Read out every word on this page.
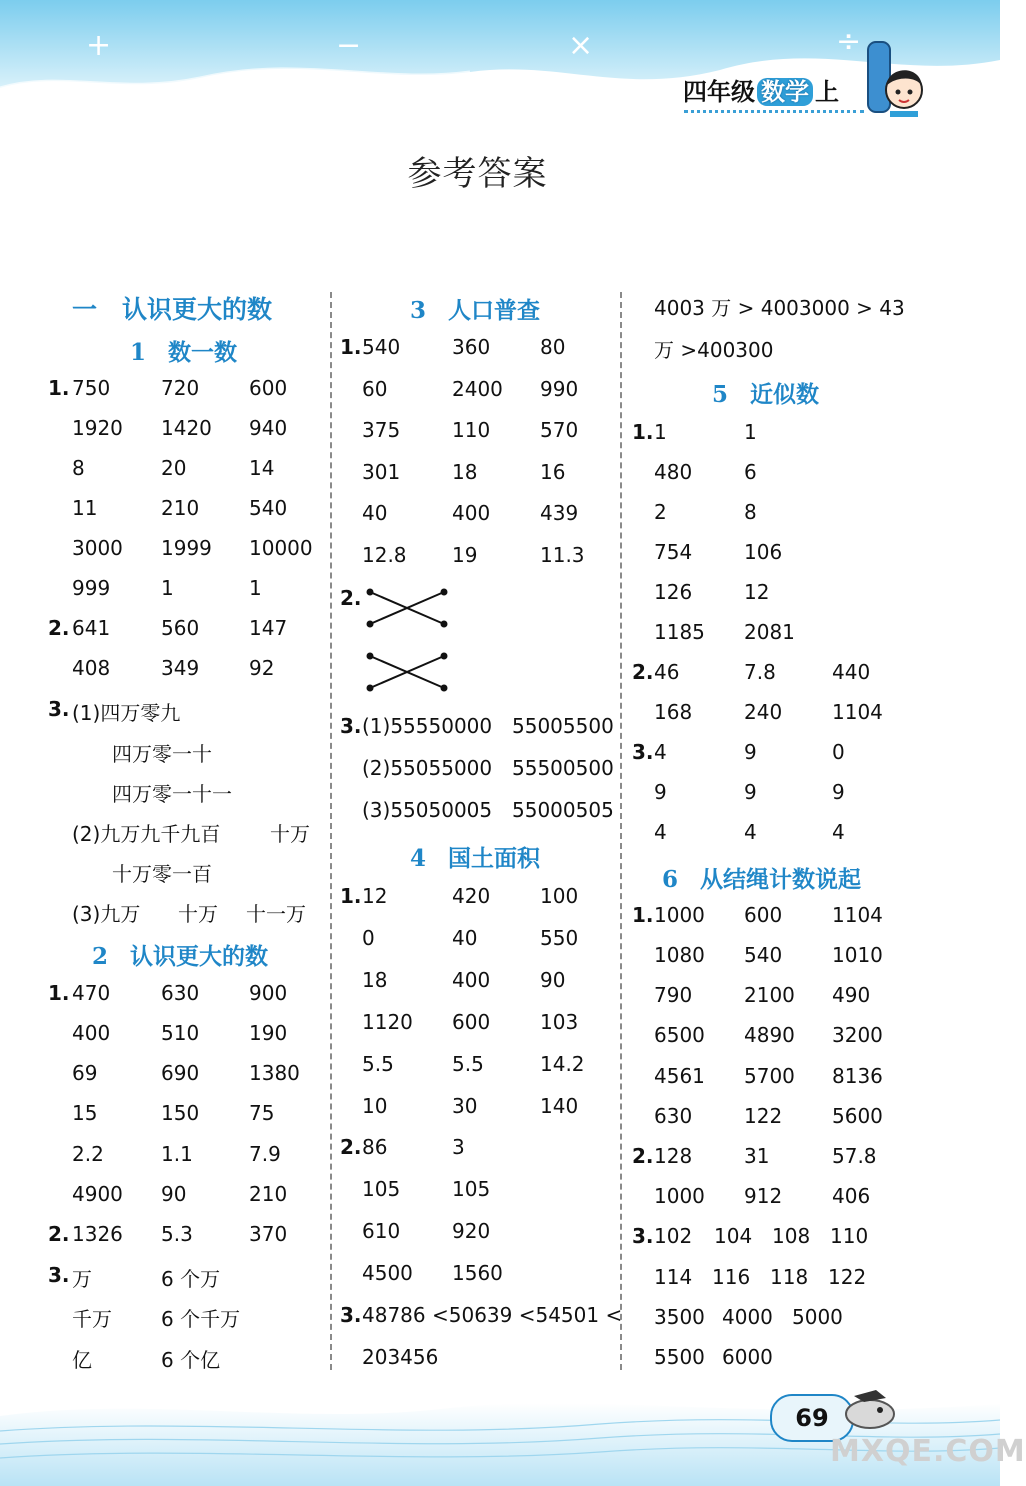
+	−	×	÷
四年级 数学 上
参考答案
一　认识更大的数
1 数一数
1. 750	720 600
1920 1420 940
8	20	14
11	210 540
3000 1999 10000
999	1	1
2. 641	560 147
408	349 92
3. (1)四万零九
四万零一十
四万零一十一
(2)九万九千九百 十万
十万零一百
(3)九万 十万 十一万
2 认识更大的数
1. 470	630 900
400	510 190
69	690 1380
15	150 75
2.2	1.1	7.9
4900 90	210
2. 1326 5.3	370
3. 万	6 个万
千万 6 个千万
亿	6 个亿
3 人口普查
1. 540	360 80
60	2400 990
375	110 570
301	18	16
40	400 439
12.8 19	11.3
2.
3. (1)55550000 55005500
(2)55055000 55500500
(3)55050005 55000505
4 国土面积
1. 12	420 100
0	40	550
18	400 90
1120 600 103
5.5	5.5	14.2
10	30	140
2. 86	3
105	105
610	920
4500 1560
3. 48786 <50639 <54501 <
203456
4003 万 > 4003000 > 43
万 >400300
5 近似数
1. 1	1
480	6
2	8
754	106
126	12
1185 2081
2. 46	7.8	440
168	240 1104
3. 4	9	0
9	9	9
4	4	4
6 从结绳计数说起
1. 1000 600 1104
1080 540 1010
790	2100 490
6500 4890 3200
4561 5700 8136
630	122 5600
2. 128	31	57.8
1000 912 406
3. 102 104 108 110
114 116 118 122
3500 4000 5000
5500 6000
69
MXQE.COM
